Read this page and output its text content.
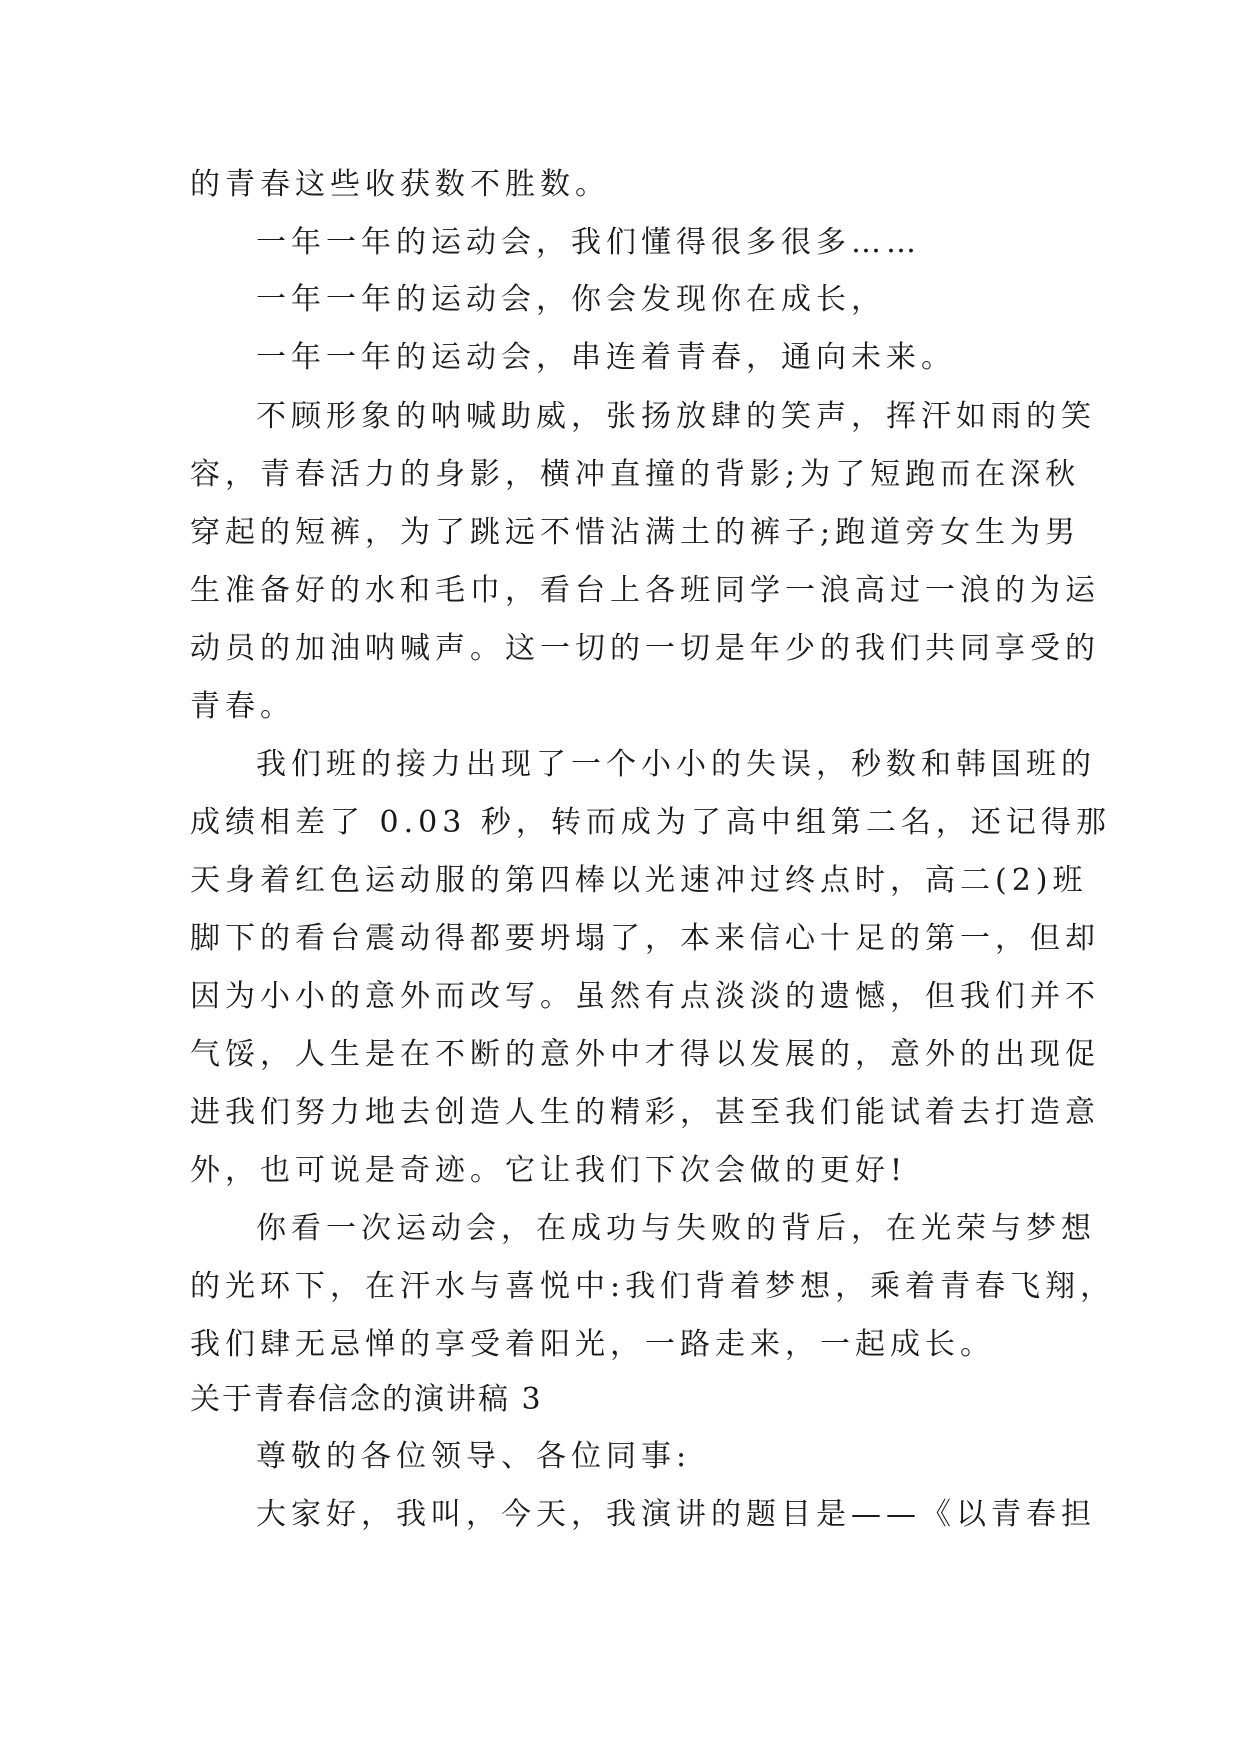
的青春这些收获数不胜数。
一年一年的运动会，我们懂得很多很多……
一年一年的运动会，你会发现你在成长，
一年一年的运动会，串连着青春，通向未来。
不顾形象的呐喊助威，张扬放肆的笑声，挥汗如雨的笑
容，青春活力的身影，横冲直撞的背影;为了短跑而在深秋
穿起的短裤，为了跳远不惜沾满土的裤子;跑道旁女生为男
生准备好的水和毛巾，看台上各班同学一浪高过一浪的为运
动员的加油呐喊声。这一切的一切是年少的我们共同享受的
青春。
我们班的接力出现了一个小小的失误，秒数和韩国班的
成绩相差了 0.03 秒，转而成为了高中组第二名，还记得那
天身着红色运动服的第四棒以光速冲过终点时，高二(2)班
脚下的看台震动得都要坍塌了，本来信心十足的第一，但却
因为小小的意外而改写。虽然有点淡淡的遗憾，但我们并不
气馁，人生是在不断的意外中才得以发展的，意外的出现促
进我们努力地去创造人生的精彩，甚至我们能试着去打造意
外，也可说是奇迹。它让我们下次会做的更好!
你看一次运动会，在成功与失败的背后，在光荣与梦想
的光环下，在汗水与喜悦中:我们背着梦想，乘着青春飞翔，
我们肆无忌惮的享受着阳光，一路走来，一起成长。
关于青春信念的演讲稿 3
尊敬的各位领导、各位同事:
大家好，我叫，今天，我演讲的题目是——《以青春担
